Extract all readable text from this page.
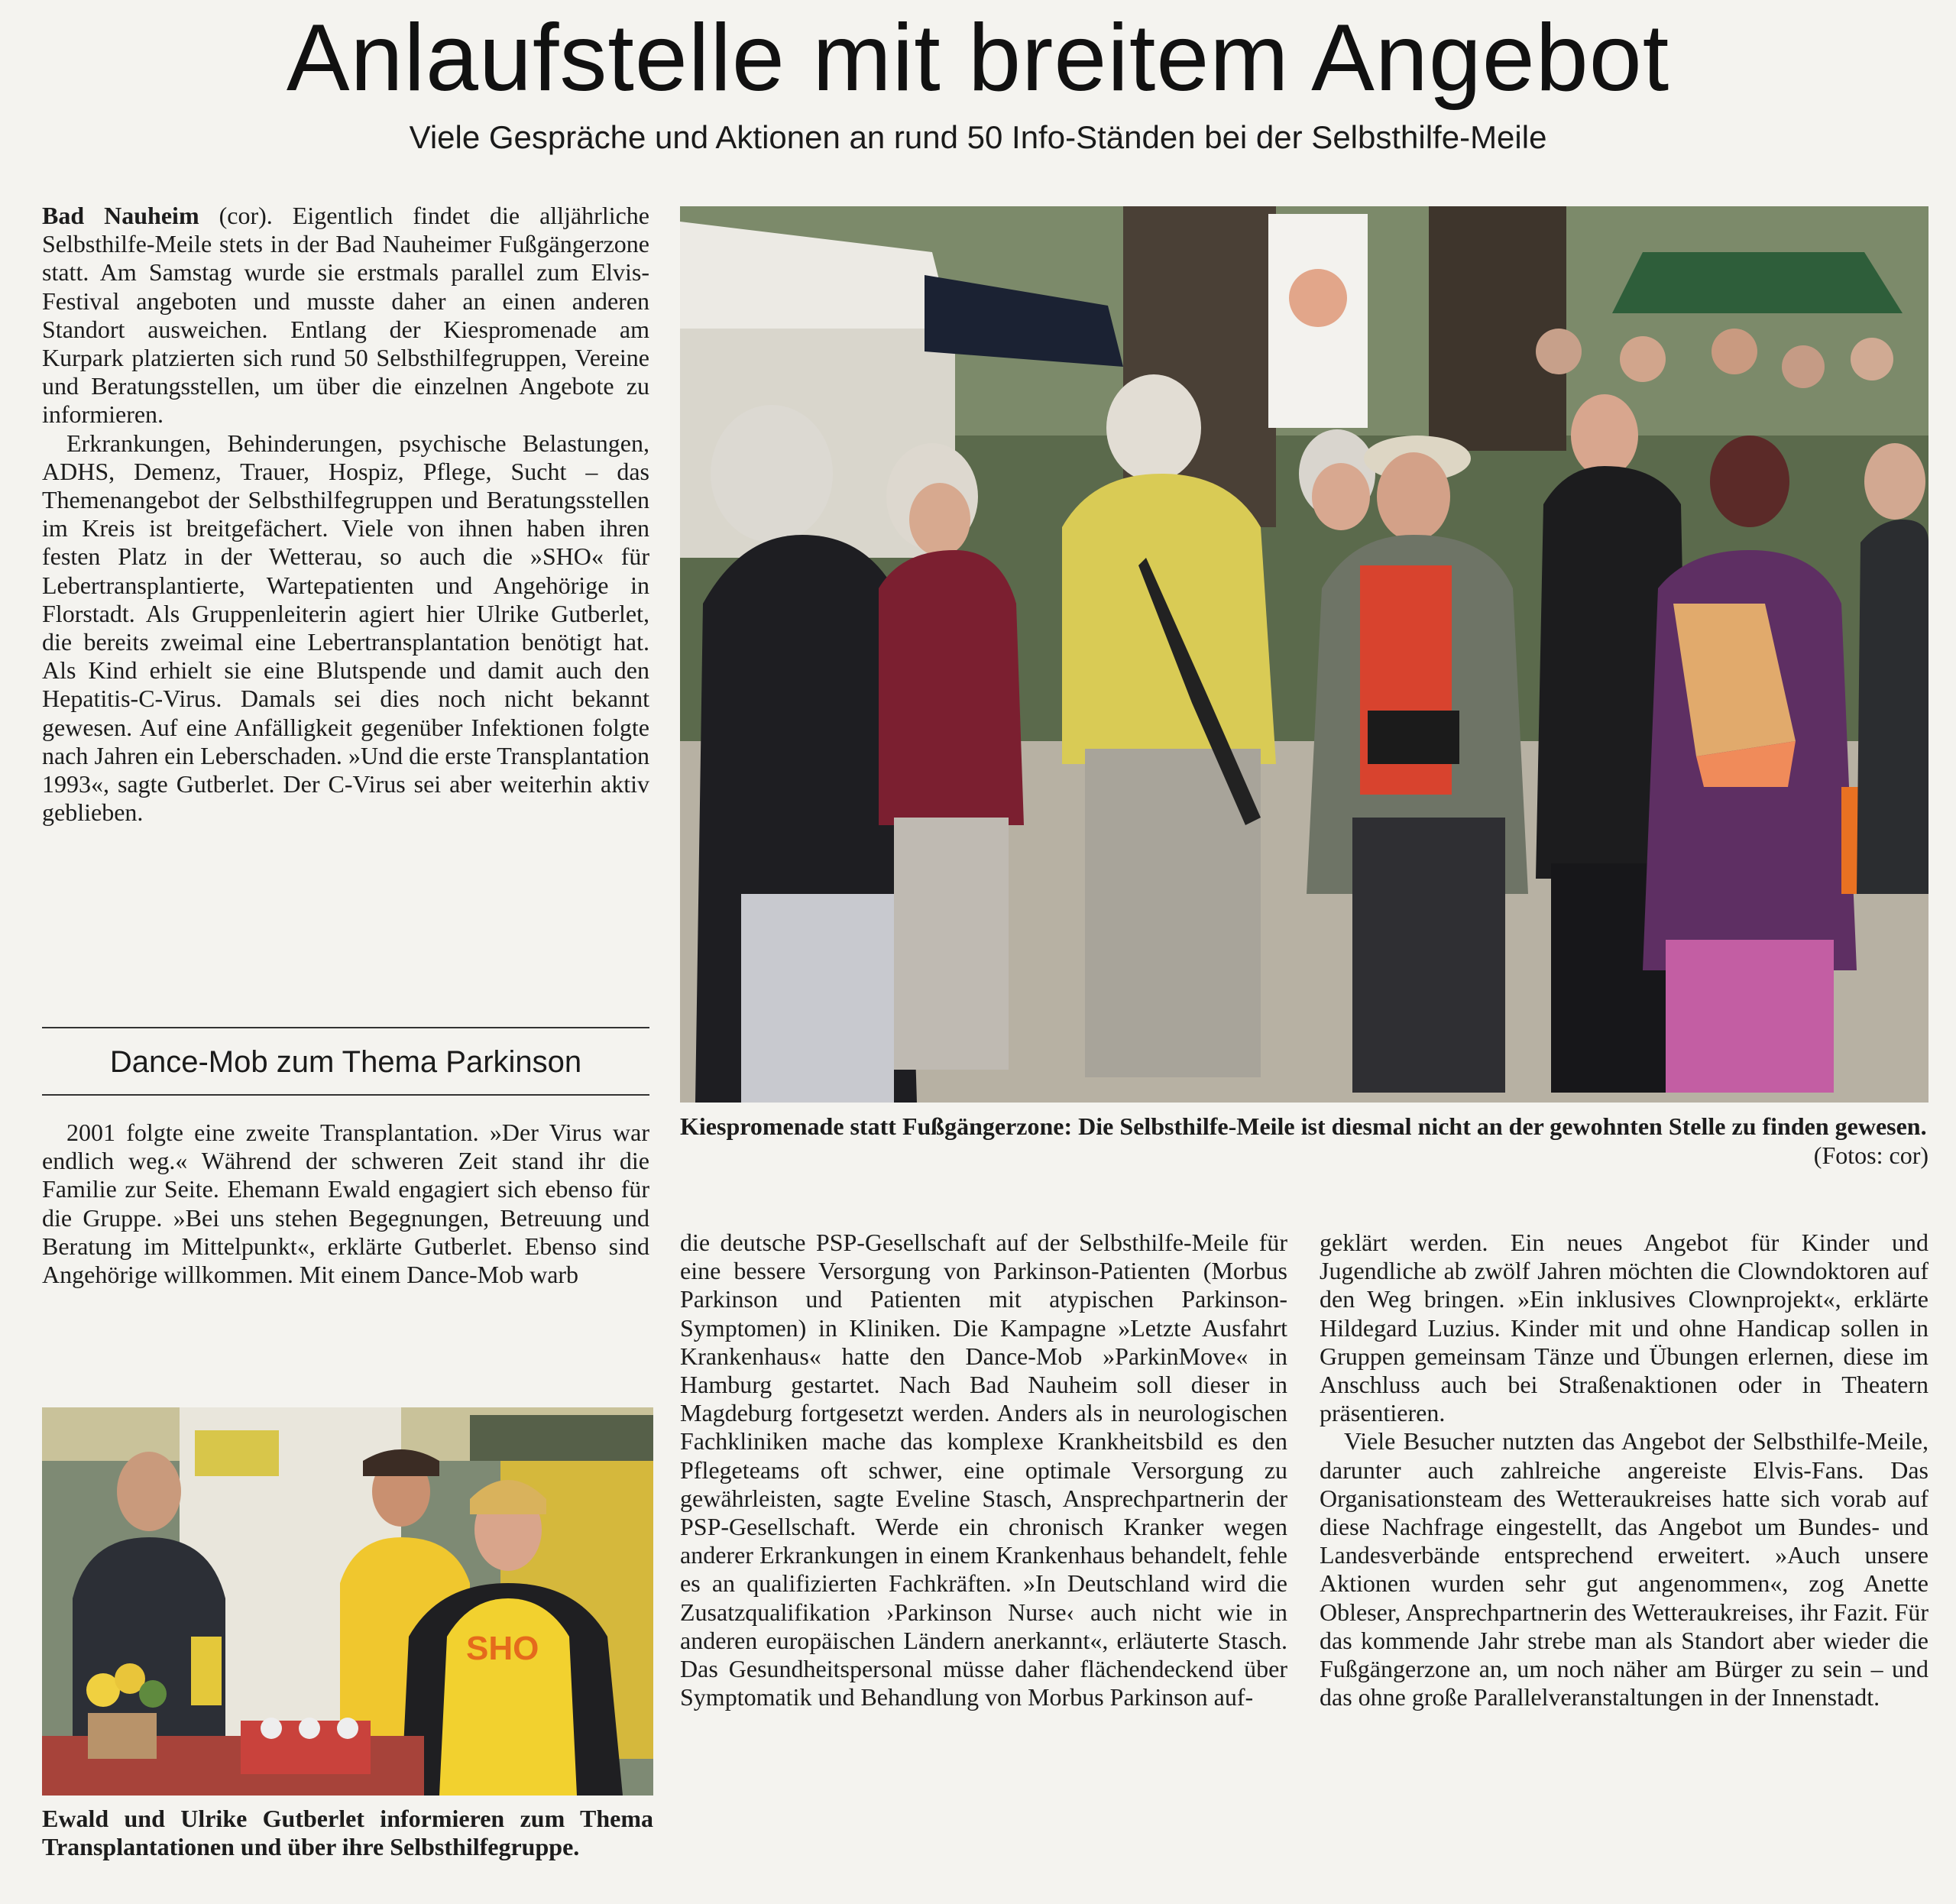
Anlaufstelle mit breitem Angebot
Viele Gespräche und Aktionen an rund 50 Info-Ständen bei der Selbsthilfe-Meile

Bad Nauheim (cor). Eigentlich findet die alljährliche Selbsthilfe-Meile stets in der Bad Nauheimer Fußgängerzone statt. Am Samstag wurde sie erstmals parallel zum Elvis-Festival angeboten und musste daher an einen anderen Standort ausweichen. Entlang der Kiespromenade am Kurpark platzierten sich rund 50 Selbsthilfegruppen, Vereine und Beratungsstellen, um über die einzelnen Angebote zu informieren.

Erkrankungen, Behinderungen, psychische Belastungen, ADHS, Demenz, Trauer, Hospiz, Pflege, Sucht – das Themenangebot der Selbsthilfegruppen und Beratungsstellen im Kreis ist breitgefächert. Viele von ihnen haben ihren festen Platz in der Wetterau, so auch die »SHO« für Lebertransplantierte, Wartepatienten und Angehörige in Florstadt. Als Gruppenleiterin agiert hier Ulrike Gutberlet, die bereits zweimal eine Lebertransplantation benötigt hat. Als Kind erhielt sie eine Blutspende und damit auch den Hepatitis-C-Virus. Damals sei dies noch nicht bekannt gewesen. Auf eine Anfälligkeit gegenüber Infektionen folgte nach Jahren ein Leberschaden. »Und die erste Transplantation 1993«, sagte Gutberlet. Der C-Virus sei aber weiterhin aktiv geblieben.

Dance-Mob zum Thema Parkinson

2001 folgte eine zweite Transplantation. »Der Virus war endlich weg.« Während der schweren Zeit stand ihr die Familie zur Seite. Ehemann Ewald engagiert sich ebenso für die Gruppe. »Bei uns stehen Begegnungen, Betreuung und Beratung im Mittelpunkt«, erklärte Gutberlet. Ebenso sind Angehörige willkommen. Mit einem Dance-Mob warb

SHO
Ewald und Ulrike Gutberlet informieren zum Thema Transplantationen und über ihre Selbsthilfegruppe.
Kiespromenade statt Fußgängerzone: Die Selbsthilfe-Meile ist diesmal nicht an der gewohnten Stelle zu finden gewesen.
(Fotos: cor)

die deutsche PSP-Gesellschaft auf der Selbsthilfe-Meile für eine bessere Versorgung von Parkinson-Patienten (Morbus Parkinson und Patienten mit atypischen Parkinson-Symptomen) in Kliniken. Die Kampagne »Letzte Ausfahrt Krankenhaus« hatte den Dance-Mob »ParkinMove« in Hamburg gestartet. Nach Bad Nauheim soll dieser in Magdeburg fortgesetzt werden. Anders als in neurologischen Fachkliniken mache das komplexe Krankheitsbild es den Pflegeteams oft schwer, eine optimale Versorgung zu gewährleisten, sagte Eveline Stasch, Ansprechpartnerin der PSP-Gesellschaft. Werde ein chronisch Kranker wegen anderer Erkrankungen in einem Krankenhaus behandelt, fehle es an qualifizierten Fachkräften. »In Deutschland wird die Zusatzqualifikation ›Parkinson Nurse‹ auch nicht wie in anderen europäischen Ländern anerkannt«, erläuterte Stasch. Das Gesundheitspersonal müsse daher flächendeckend über Symptomatik und Behandlung von Morbus Parkinson auf-

geklärt werden. Ein neues Angebot für Kinder und Jugendliche ab zwölf Jahren möchten die Clowndoktoren auf den Weg bringen. »Ein inklusives Clownprojekt«, erklärte Hildegard Luzius. Kinder mit und ohne Handicap sollen in Gruppen gemeinsam Tänze und Übungen erlernen, diese im Anschluss auch bei Straßenaktionen oder in Theatern präsentieren.

Viele Besucher nutzten das Angebot der Selbsthilfe-Meile, darunter auch zahlreiche angereiste Elvis-Fans. Das Organisationsteam des Wetteraukreises hatte sich vorab auf diese Nachfrage eingestellt, das Angebot um Bundes- und Landesverbände entsprechend erweitert. »Auch unsere Aktionen wurden sehr gut angenommen«, zog Anette Obleser, Ansprechpartnerin des Wetteraukreises, ihr Fazit. Für das kommende Jahr strebe man als Standort aber wieder die Fußgängerzone an, um noch näher am Bürger zu sein – und das ohne große Parallelveranstaltungen in der Innenstadt.
